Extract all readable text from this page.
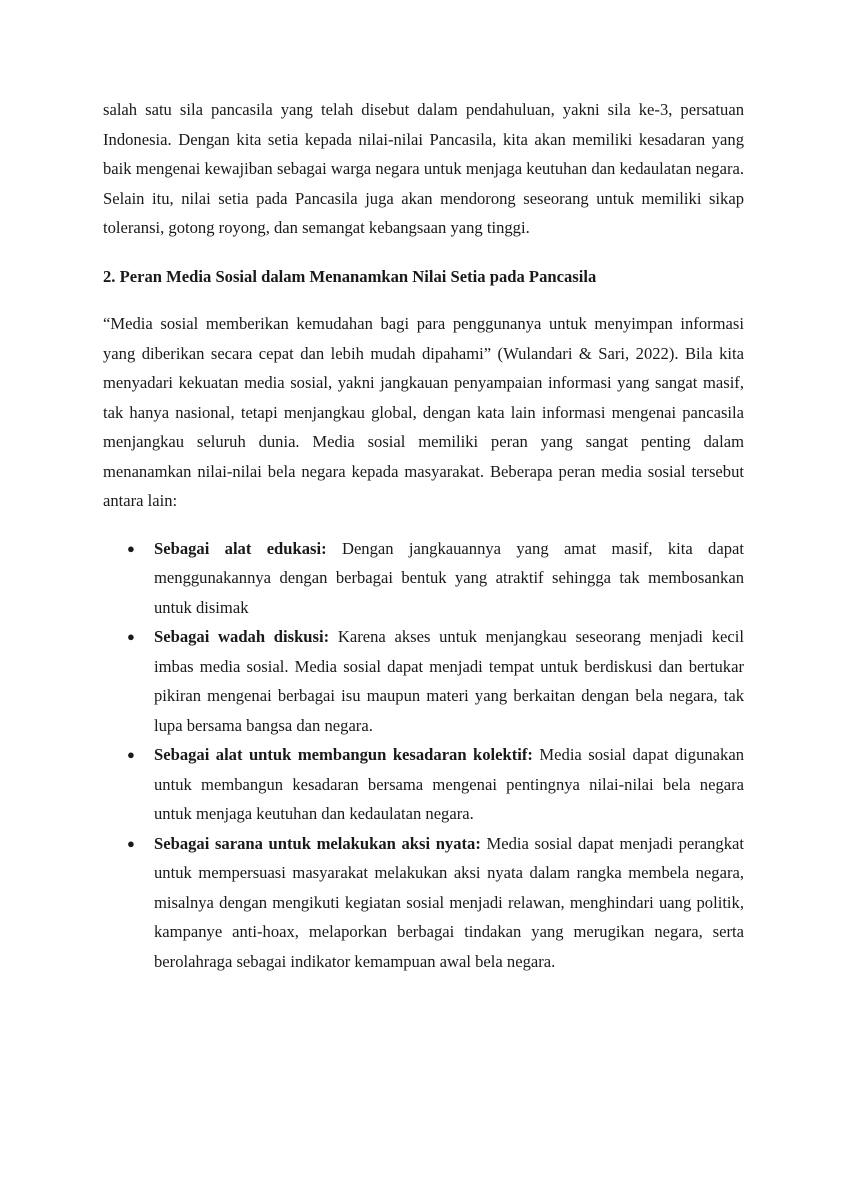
salah satu sila pancasila yang telah disebut dalam pendahuluan, yakni sila ke-3, persatuan Indonesia. Dengan kita setia kepada nilai-nilai Pancasila, kita akan memiliki kesadaran yang baik mengenai kewajiban sebagai warga negara untuk menjaga keutuhan dan kedaulatan negara. Selain itu, nilai setia pada Pancasila juga akan mendorong seseorang untuk memiliki sikap toleransi, gotong royong, dan semangat kebangsaan yang tinggi.

2. Peran Media Sosial dalam Menanamkan Nilai Setia pada Pancasila

“Media sosial memberikan kemudahan bagi para penggunanya untuk menyimpan informasi yang diberikan secara cepat dan lebih mudah dipahami” (Wulandari & Sari, 2022). Bila kita menyadari kekuatan media sosial, yakni jangkauan penyampaian informasi yang sangat masif, tak hanya nasional, tetapi menjangkau global, dengan kata lain informasi mengenai pancasila menjangkau seluruh dunia. Media sosial memiliki peran yang sangat penting dalam menanamkan nilai-nilai bela negara kepada masyarakat. Beberapa peran media sosial tersebut antara lain:

● Sebagai alat edukasi: Dengan jangkauannya yang amat masif, kita dapat menggunakannya dengan berbagai bentuk yang atraktif sehingga tak membosankan untuk disimak
● Sebagai wadah diskusi: Karena akses untuk menjangkau seseorang menjadi kecil imbas media sosial. Media sosial dapat menjadi tempat untuk berdiskusi dan bertukar pikiran mengenai berbagai isu maupun materi yang berkaitan dengan bela negara, tak lupa bersama bangsa dan negara.
● Sebagai alat untuk membangun kesadaran kolektif: Media sosial dapat digunakan untuk membangun kesadaran bersama mengenai pentingnya nilai-nilai bela negara untuk menjaga keutuhan dan kedaulatan negara.
● Sebagai sarana untuk melakukan aksi nyata: Media sosial dapat menjadi perangkat untuk mempersuasi masyarakat melakukan aksi nyata dalam rangka membela negara, misalnya dengan mengikuti kegiatan sosial menjadi relawan, menghindari uang politik, kampanye anti-hoax, melaporkan berbagai tindakan yang merugikan negara, serta berolahraga sebagai indikator kemampuan awal bela negara.
